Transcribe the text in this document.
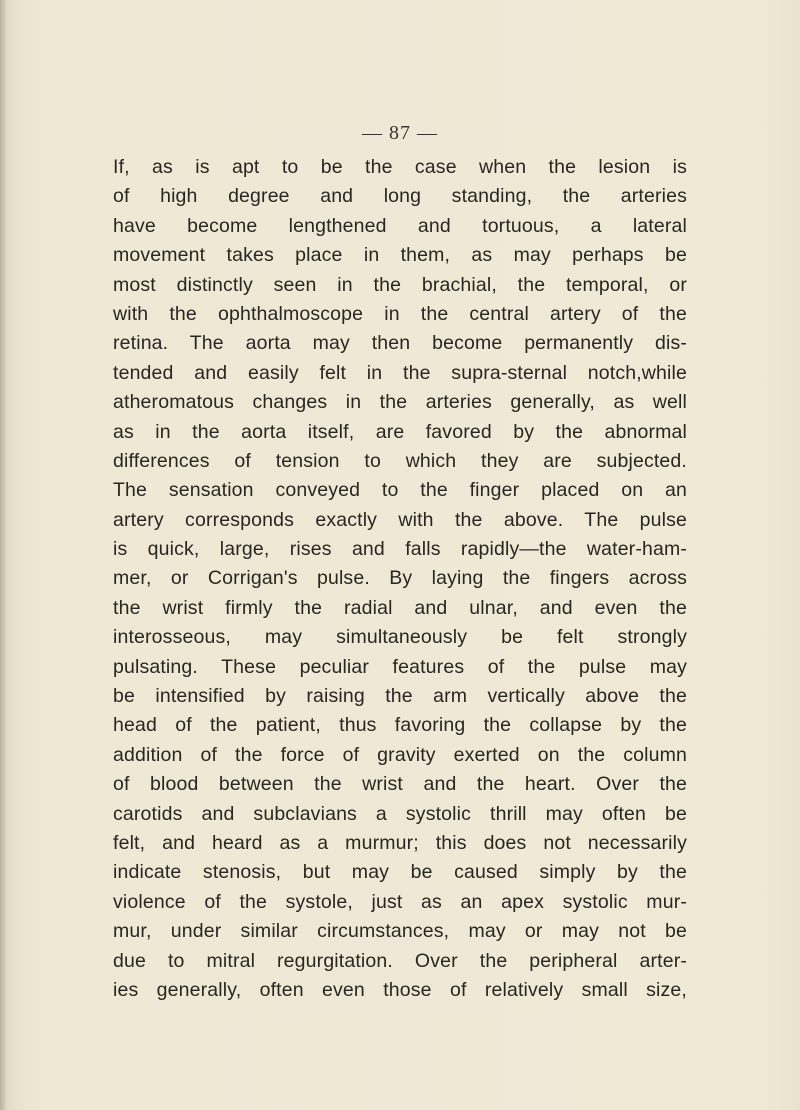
— 87 —
If, as is apt to be the case when the lesion is
of high degree and long standing, the arteries
have become lengthened and tortuous, a lateral
movement takes place in them, as may perhaps be
most distinctly seen in the brachial, the temporal, or
with the ophthalmoscope in the central artery of the
retina. The aorta may then become permanently dis-
tended and easily felt in the supra-sternal notch,while
atheromatous changes in the arteries generally, as well
as in the aorta itself, are favored by the abnormal
differences of tension to which they are subjected.
The sensation conveyed to the finger placed on an
artery corresponds exactly with the above. The pulse
is quick, large, rises and falls rapidly—the water-ham-
mer, or Corrigan's pulse. By laying the fingers across
the wrist firmly the radial and ulnar, and even the
interosseous, may simultaneously be felt strongly
pulsating. These peculiar features of the pulse may
be intensified by raising the arm vertically above the
head of the patient, thus favoring the collapse by the
addition of the force of gravity exerted on the column
of blood between the wrist and the heart. Over the
carotids and subclavians a systolic thrill may often be
felt, and heard as a murmur; this does not necessarily
indicate stenosis, but may be caused simply by the
violence of the systole, just as an apex systolic mur-
mur, under similar circumstances, may or may not be
due to mitral regurgitation. Over the peripheral arter-
ies generally, often even those of relatively small size,
